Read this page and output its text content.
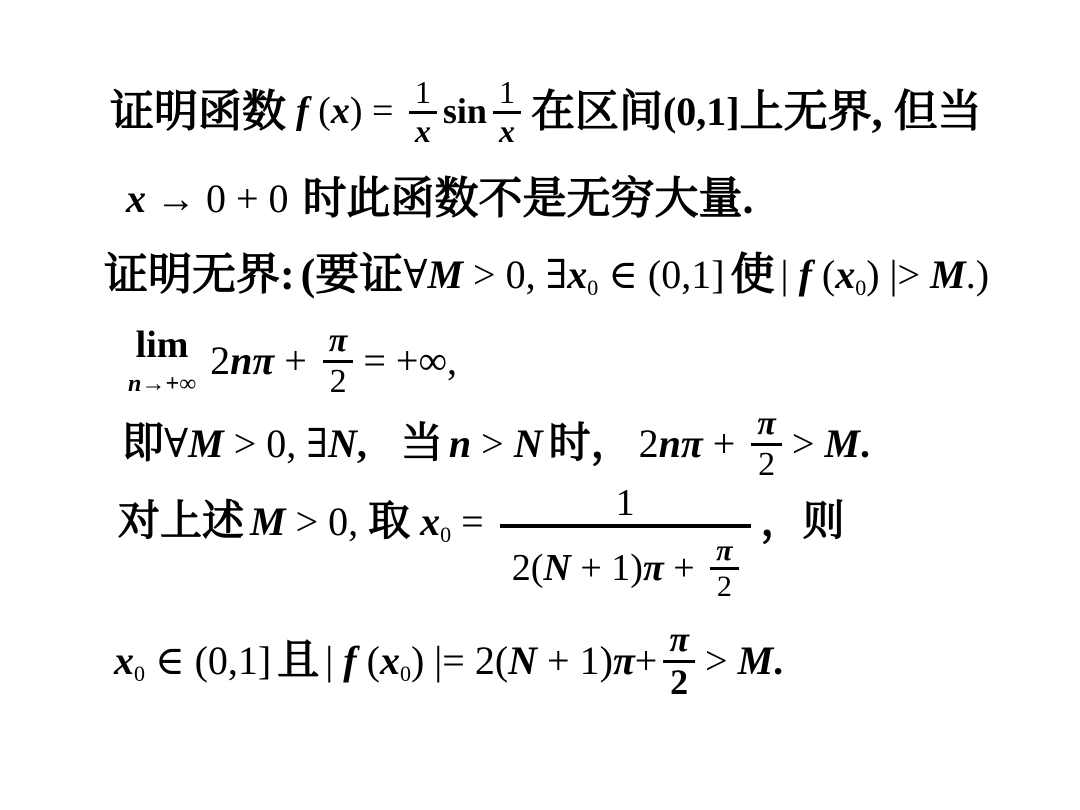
证明函数 f ( x ) = $\frac{1}{x}$ $\sin \frac{1}{x}$ 在区间 (0,1] 上无界, 但当
x → 0 + 0 时此函数不是无穷大量.
证明无界: (要证 ∀ M > 0, ∃ x 0 ∈ (0,1] 使 | f ( x 0 ) |> M .)
lim
n→+∞
2 $n\pi + \frac{\pi}{2}$ = +∞,
即 ∀ M > 0, ∃ N , 当 n > N 时， 2 $n\pi + \frac{\pi}{2} > M$ .
对上述 M > 0, 取 x 0 =	1
2( N + 1) $\pi + \frac{\pi}{2}$
，则
x 0 ∈ (0,1] 且 | f ( x 0 ) |= 2( N + 1) $\pi + \frac{\pi}{2} > M$ .
